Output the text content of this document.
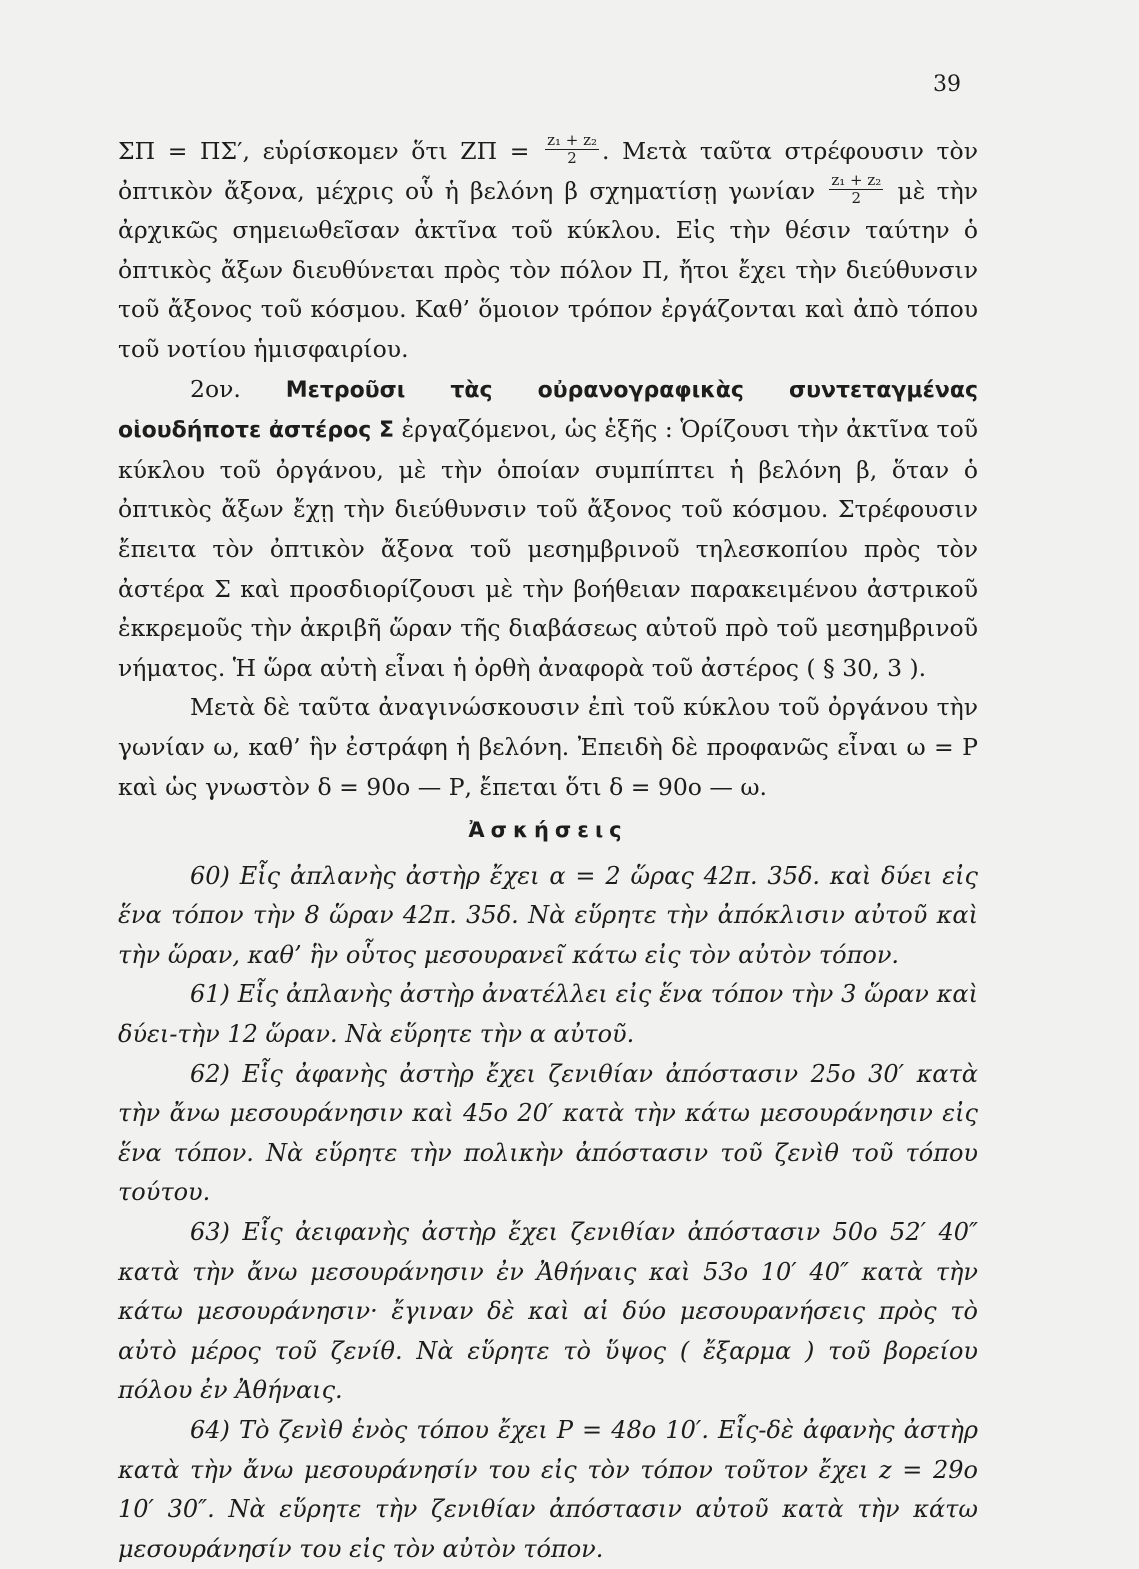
39

ΣΠ = ΠΣ′, εὑρίσκομεν ὅτι $Z\Pi = \frac{\text{z₁ + z₂}}{2}$ . Μετὰ ταῦτα στρέφουσιν τὸν ὀπτικὸν ἄξονα, μέχρις οὗ ἡ βελόνη β σχηματίσῃ γωνίαν $\frac{\text{z₁ + z₂}}{2}$ μὲ τὴν ἀρχικῶς σημειωθεῖσαν ἀκτῖνα τοῦ κύκλου. Εἰς τὴν θέσιν ταύτην ὁ ὀπτικὸς ἄξων διευθύνεται πρὸς τὸν πόλον Π, ἤτοι ἔχει τὴν διεύθυνσιν τοῦ ἄξονος τοῦ κόσμου. Καθ’ ὅμοιον τρόπον ἐργάζονται καὶ ἀπὸ τόπου τοῦ νοτίου ἡμισφαιρίου.

2ον. Μετροῦσι τὰς οὐρανογραφικὰς συντεταγμένας οἱουδήποτε ἀστέρος Σ ἐργαζόμενοι, ὡς ἑξῆς : Ὁρίζουσι τὴν ἀκτῖνα τοῦ κύκλου τοῦ ὀργάνου, μὲ τὴν ὁποίαν συμπίπτει ἡ βελόνη β, ὅταν ὁ ὀπτικὸς ἄξων ἔχῃ τὴν διεύθυνσιν τοῦ ἄξονος τοῦ κόσμου. Στρέφουσιν ἔπειτα τὸν ὀπτικὸν ἄξονα τοῦ μεσημβρινοῦ τηλεσκοπίου πρὸς τὸν ἀστέρα Σ καὶ προσδιορίζουσι μὲ τὴν βοήθειαν παρακειμένου ἀστρικοῦ ἐκκρεμοῦς τὴν ἀκριβῆ ὥραν τῆς διαβάσεως αὐτοῦ πρὸ τοῦ μεσημβρινοῦ νήματος. Ἡ ὥρα αὐτὴ εἶναι ἡ ὀρθὴ ἀναφορὰ τοῦ ἀστέρος ( § 30, 3 ).

Μετὰ δὲ ταῦτα ἀναγινώσκουσιν ἐπὶ τοῦ κύκλου τοῦ ὀργάνου τὴν γωνίαν ω, καθ’ ἣν ἐστράφη ἡ βελόνη. Ἐπειδὴ δὲ προφανῶς εἶναι ω = Ρ καὶ ὡς γνωστὸν δ = 90ο — Ρ, ἔπεται ὅτι δ = 90ο — ω.

Ἀσκήσεις

60) Εἷς ἀπλανὴς ἀστὴρ ἔχει α = 2 ὥρας 42π. 35δ. καὶ δύει εἰς ἕνα τόπον τὴν 8 ὥραν 42π. 35δ. Νὰ εὕρητε τὴν ἀπόκλισιν αὐτοῦ καὶ τὴν ὥραν, καθ’ ἣν οὗτος μεσουρανεῖ κάτω εἰς τὸν αὐτὸν τόπον.

61) Εἷς ἀπλανὴς ἀστὴρ ἀνατέλλει εἰς ἕνα τόπον τὴν 3 ὥραν καὶ δύει-τὴν 12 ὥραν. Νὰ εὕρητε τὴν α αὐτοῦ.

62) Εἷς ἀφανὴς ἀστὴρ ἔχει ζενιθίαν ἀπόστασιν 25ο 30′ κατὰ τὴν ἄνω μεσουράνησιν καὶ 45ο 20′ κατὰ τὴν κάτω μεσουράνησιν εἰς ἕνα τόπον. Νὰ εὕρητε τὴν πολικὴν ἀπόστασιν τοῦ ζενὶθ τοῦ τόπου τούτου.

63) Εἷς ἀειφανὴς ἀστὴρ ἔχει ζενιθίαν ἀπόστασιν 50ο 52′ 40″ κατὰ τὴν ἄνω μεσουράνησιν ἐν Ἀθήναις καὶ 53ο 10′ 40″ κατὰ τὴν κάτω μεσουράνησιν· ἔγιναν δὲ καὶ αἱ δύο μεσουρανήσεις πρὸς τὸ αὐτὸ μέρος τοῦ ζενίθ. Νὰ εὕρητε τὸ ὕψος ( ἔξαρμα ) τοῦ βορείου πόλου ἐν Ἀθήναις.

64) Τὸ ζενὶθ ἑνὸς τόπου ἔχει Ρ = 48ο 10′. Εἷς-δὲ ἀφανὴς ἀστὴρ κατὰ τὴν ἄνω μεσουράνησίν του εἰς τὸν τόπον τοῦτον ἔχει z = 29ο 10′ 30″. Νὰ εὕρητε τὴν ζενιθίαν ἀπόστασιν αὐτοῦ κατὰ τὴν κάτω μεσουράνησίν του εἰς τὸν αὐτὸν τόπον.
